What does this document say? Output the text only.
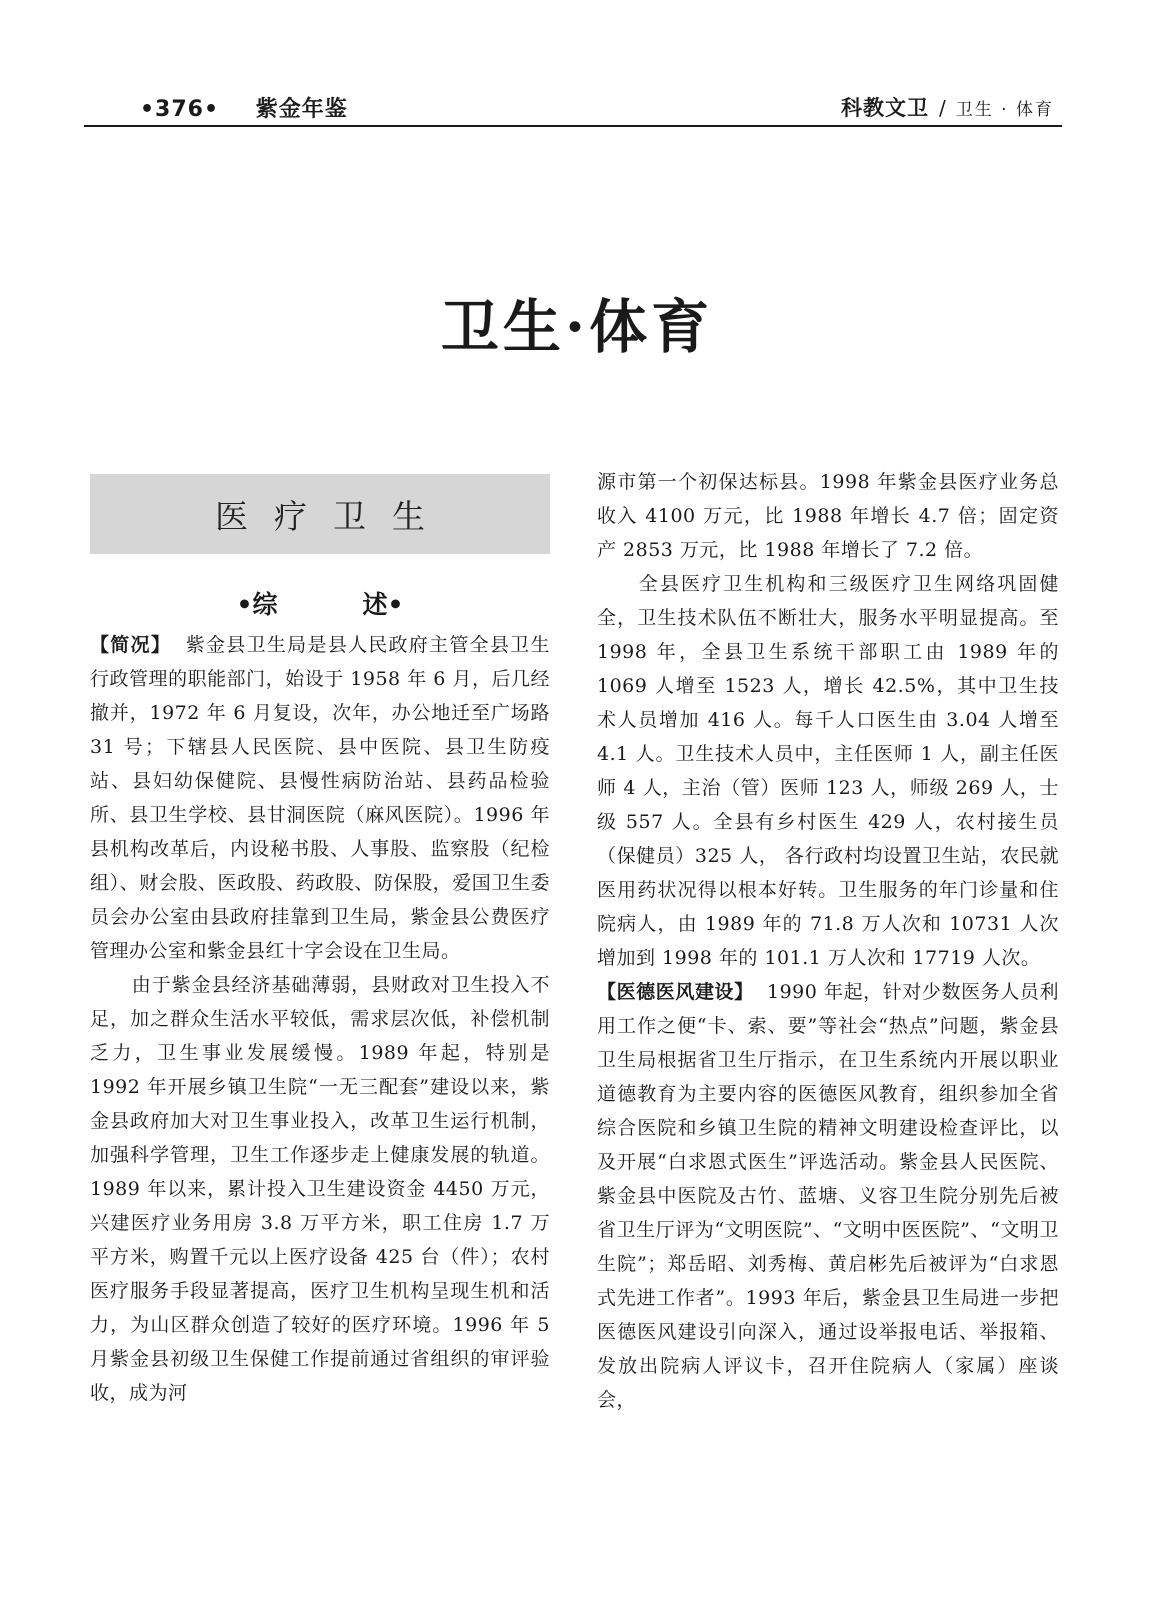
•376• 紫金年鉴	科教文卫 / 卫生 · 体育
卫生·体育
医疗卫生
•综	述•

【简况】 紫金县卫生局是县人民政府主管全县卫生行政管理的职能部门，始设于 1958 年 6 月，后几经撤并，1972 年 6 月复设，次年，办公地迁至广场路 31 号；下辖县人民医院、县中医院、县卫生防疫站、县妇幼保健院、县慢性病防治站、县药品检验所、县卫生学校、县甘洞医院（麻风医院）。1996 年县机构改革后，内设秘书股、人事股、监察股（纪检组）、财会股、医政股、药政股、防保股，爱国卫生委员会办公室由县政府挂靠到卫生局，紫金县公费医疗管理办公室和紫金县红十字会设在卫生局。

由于紫金县经济基础薄弱，县财政对卫生投入不足，加之群众生活水平较低，需求层次低，补偿机制乏力，卫生事业发展缓慢。1989 年起，特别是 1992 年开展乡镇卫生院“一无三配套”建设以来，紫金县政府加大对卫生事业投入，改革卫生运行机制，加强科学管理，卫生工作逐步走上健康发展的轨道。1989 年以来，累计投入卫生建设资金 4450 万元，兴建医疗业务用房 3.8 万平方米，职工住房 1.7 万平方米，购置千元以上医疗设备 425 台（件）；农村医疗服务手段显著提高，医疗卫生机构呈现生机和活力，为山区群众创造了较好的医疗环境。1996 年 5 月紫金县初级卫生保健工作提前通过省组织的审评验收，成为河

源市第一个初保达标县。1998 年紫金县医疗业务总收入 4100 万元，比 1988 年增长 4.7 倍；固定资产 2853 万元，比 1988 年增长了 7.2 倍。

全县医疗卫生机构和三级医疗卫生网络巩固健全，卫生技术队伍不断壮大，服务水平明显提高。至 1998 年，全县卫生系统干部职工由 1989 年的 1069 人增至 1523 人，增长 42.5%，其中卫生技术人员增加 416 人。每千人口医生由 3.04 人增至 4.1 人。卫生技术人员中，主任医师 1 人，副主任医师 4 人，主治（管）医师 123 人，师级 269 人，士级 557 人。全县有乡村医生 429 人，农村接生员（保健员）325 人， 各行政村均设置卫生站，农民就医用药状况得以根本好转。卫生服务的年门诊量和住院病人，由 1989 年的 71.8 万人次和 10731 人次增加到 1998 年的 101.1 万人次和 17719 人次。

【医德医风建设】 1990 年起，针对少数医务人员利用工作之便“卡、索、要”等社会“热点”问题，紫金县卫生局根据省卫生厅指示，在卫生系统内开展以职业道德教育为主要内容的医德医风教育，组织参加全省综合医院和乡镇卫生院的精神文明建设检查评比，以及开展“白求恩式医生”评选活动。紫金县人民医院、紫金县中医院及古竹、蓝塘、义容卫生院分别先后被省卫生厅评为“文明医院”、“文明中医医院”、“文明卫生院”；郑岳昭、刘秀梅、黄启彬先后被评为“白求恩式先进工作者”。1993 年后，紫金县卫生局进一步把医德医风建设引向深入，通过设举报电话、举报箱、发放出院病人评议卡，召开住院病人（家属）座谈会，
